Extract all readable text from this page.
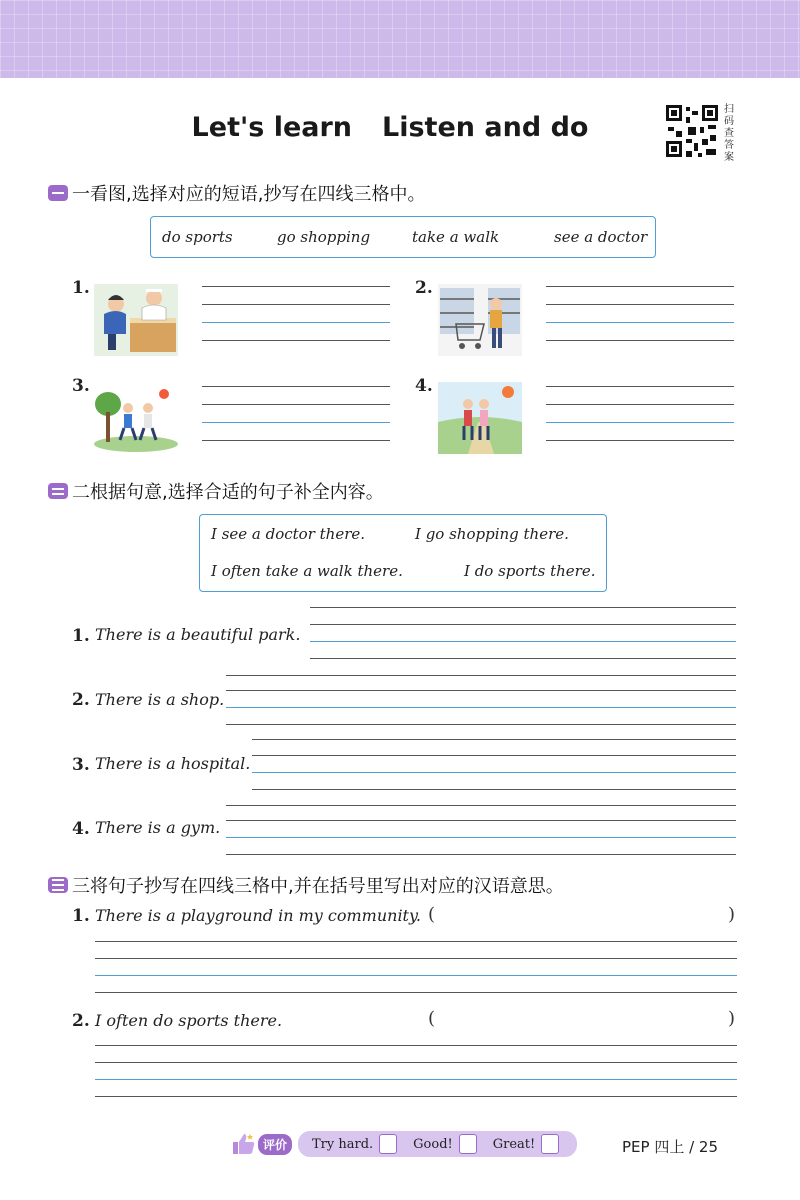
Let's learn Listen and do
扫码查答案
一看图,选择对应的短语,抄写在四线三格中。
do sports	go shopping	take a walk	see a doctor
1.	2.
3.	4.
二根据句意,选择合适的句子补全内容。
I see a doctor there.	I go shopping there.
I often take a walk there.	I do sports there.
1. There is a beautiful park.
2. There is a shop.
3. There is a hospital.
4. There is a gym.
三将句子抄写在四线三格中,并在括号里写出对应的汉语意思。
1. There is a playground in my community. (	)
2. I often do sports there.	(	)
评价	Try hard.	Good!	Great!	PEP 四上 / 25
